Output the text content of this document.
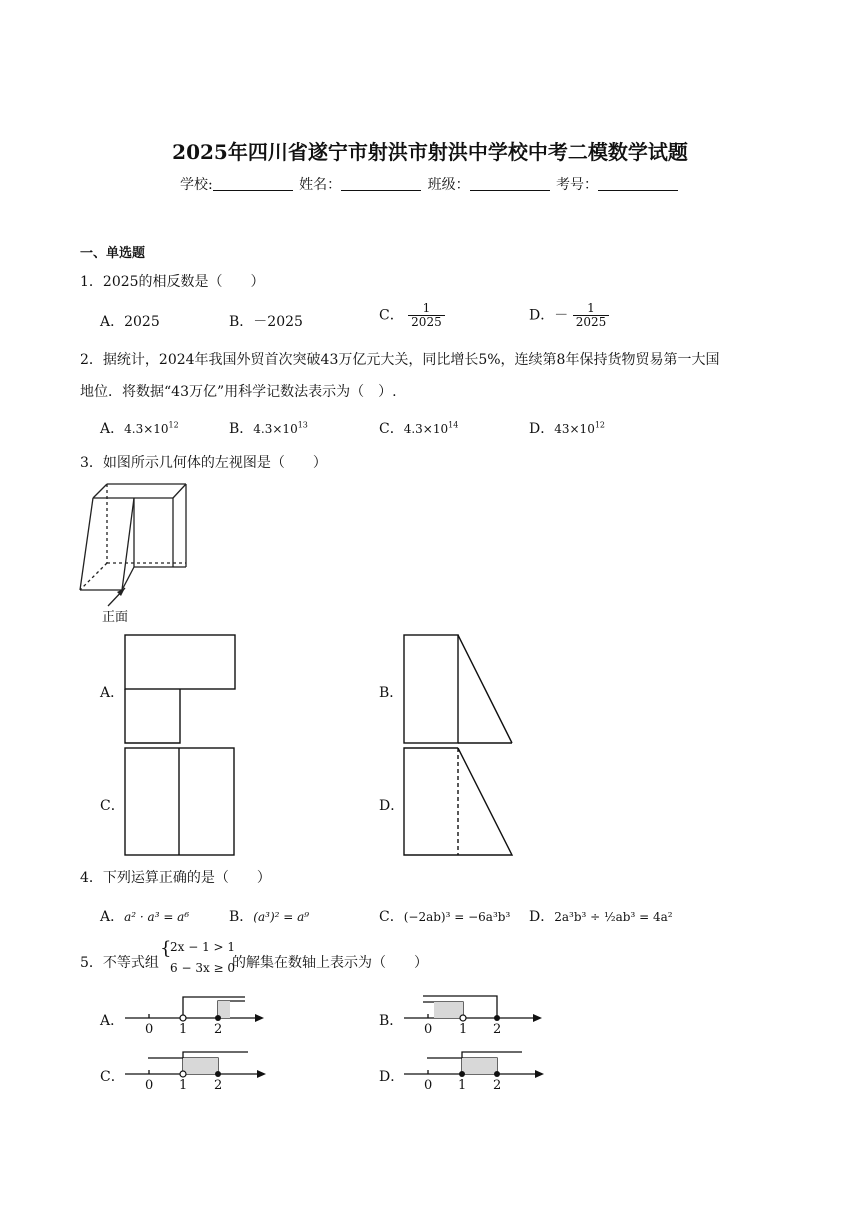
2025年四川省遂宁市射洪市射洪中学校中考二模数学试题
学校:	姓名：	班级：	考号：
一、单选题
1．2025的相反数是（　　）
A．2025	B．－2025	C． $\frac{1}{2025}$	D．－ $\frac{1}{2025}$
2．据统计，2024年我国外贸首次突破43万亿元大关，同比增长5%，连续第8年保持货物贸易第一大国
地位．将数据“43万亿”用科学记数法表示为（　）.
A．$4.3\times 10^{12}$	B．$4.3\times 10^{13}$	C．$4.3\times 10^{14}$	D．$43\times 10^{12}$
3．如图所示几何体的左视图是（　　）
正面
A．	B．
C．	D．
4．下列运算正确的是（　　）
A．a² · a³ = a⁶	B．(a³)² = a⁹	C．(−2ab)³ = −6a³b³ D．2a³b³ ÷ ½ab³ = 4a²
5．不等式组
{
2x − 1 > 1
6 − 3x ≥ 0
的解集在数轴上表示为（　　）
A．	B．
C．	D．
0 1 2	0 1 2
0 1 2	0 1 2
